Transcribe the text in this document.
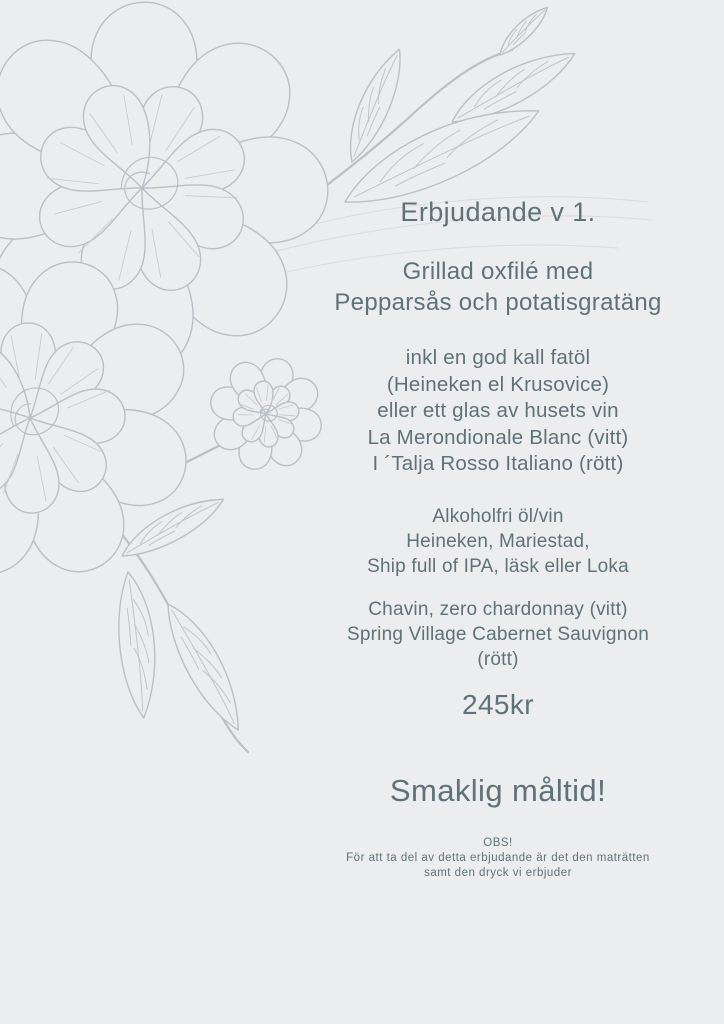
Erbjudande v 1.
Grillad oxfilé med
Pepparsås och potatisgratäng
inkl en god kall fatöl
(Heineken el Krusovice)
eller ett glas av husets vin
La Merondionale Blanc (vitt)
I ´Talja Rosso Italiano (rött)
Alkoholfri öl/vin
Heineken, Mariestad,
Ship full of IPA, läsk eller Loka
Chavin, zero chardonnay (vitt)
Spring Village Cabernet Sauvignon
(rött)
245kr
Smaklig måltid!
OBS!
För att ta del av detta erbjudande är det den maträtten
samt den dryck vi erbjuder
